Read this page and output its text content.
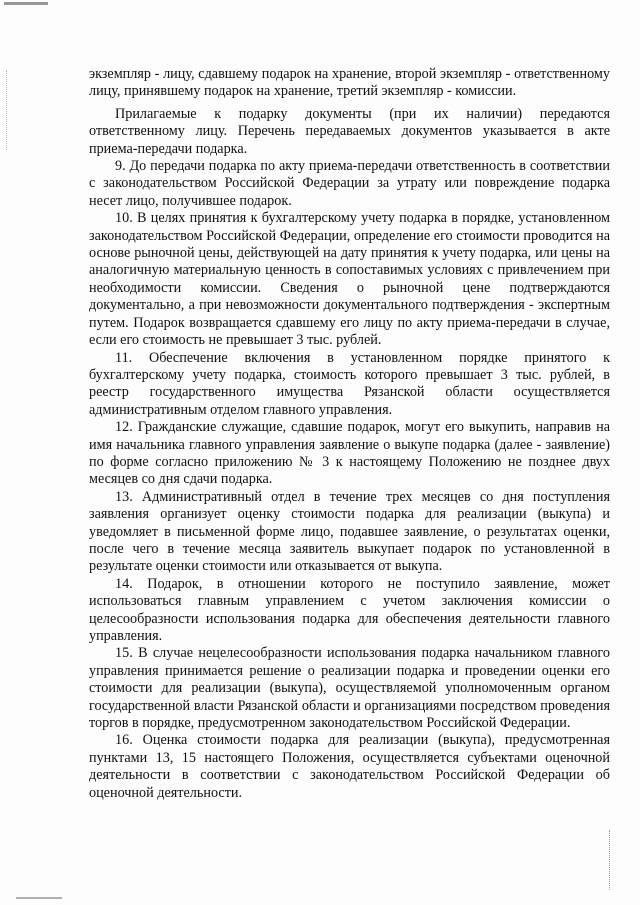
экземпляр - лицу, сдавшему подарок на хранение, второй экземпляр - ответственному лицу, принявшему подарок на хранение, третий экземпляр - комиссии.

Прилагаемые к подарку документы (при их наличии) передаются ответственному лицу. Перечень передаваемых документов указывается в акте приема-передачи подарка.

9. До передачи подарка по акту приема-передачи ответственность в соответствии с законодательством Российской Федерации за утрату или повреждение подарка несет лицо, получившее подарок.

10. В целях принятия к бухгалтерскому учету подарка в порядке, установленном законодательством Российской Федерации, определение его стоимости проводится на основе рыночной цены, действующей на дату принятия к учету подарка, или цены на аналогичную материальную ценность в сопоставимых условиях с привлечением при необходимости комиссии. Сведения о рыночной цене подтверждаются документально, а при невозможности документального подтверждения - экспертным путем. Подарок возвращается сдавшему его лицу по акту приема-передачи в случае, если его стоимость не превышает 3 тыс. рублей.

11. Обеспечение включения в установленном порядке принятого к бухгалтерскому учету подарка, стоимость которого превышает 3 тыс. рублей, в реестр государственного имущества Рязанской области осуществляется административным отделом главного управления.

12. Гражданские служащие, сдавшие подарок, могут его выкупить, направив на имя начальника главного управления заявление о выкупе подарка (далее - заявление) по форме согласно приложению № 3 к настоящему Положению не позднее двух месяцев со дня сдачи подарка.

13. Административный отдел в течение трех месяцев со дня поступления заявления организует оценку стоимости подарка для реализации (выкупа) и уведомляет в письменной форме лицо, подавшее заявление, о результатах оценки, после чего в течение месяца заявитель выкупает подарок по установленной в результате оценки стоимости или отказывается от выкупа.

14. Подарок, в отношении которого не поступило заявление, может использоваться главным управлением с учетом заключения комиссии о целесообразности использования подарка для обеспечения деятельности главного управления.

15. В случае нецелесообразности использования подарка начальником главного управления принимается решение о реализации подарка и проведении оценки его стоимости для реализации (выкупа), осуществляемой уполномоченным органом государственной власти Рязанской области и организациями посредством проведения торгов в порядке, предусмотренном законодательством Российской Федерации.

16. Оценка стоимости подарка для реализации (выкупа), предусмотренная пунктами 13, 15 настоящего Положения, осуществляется субъектами оценочной деятельности в соответствии с законодательством Российской Федерации об оценочной деятельности.
